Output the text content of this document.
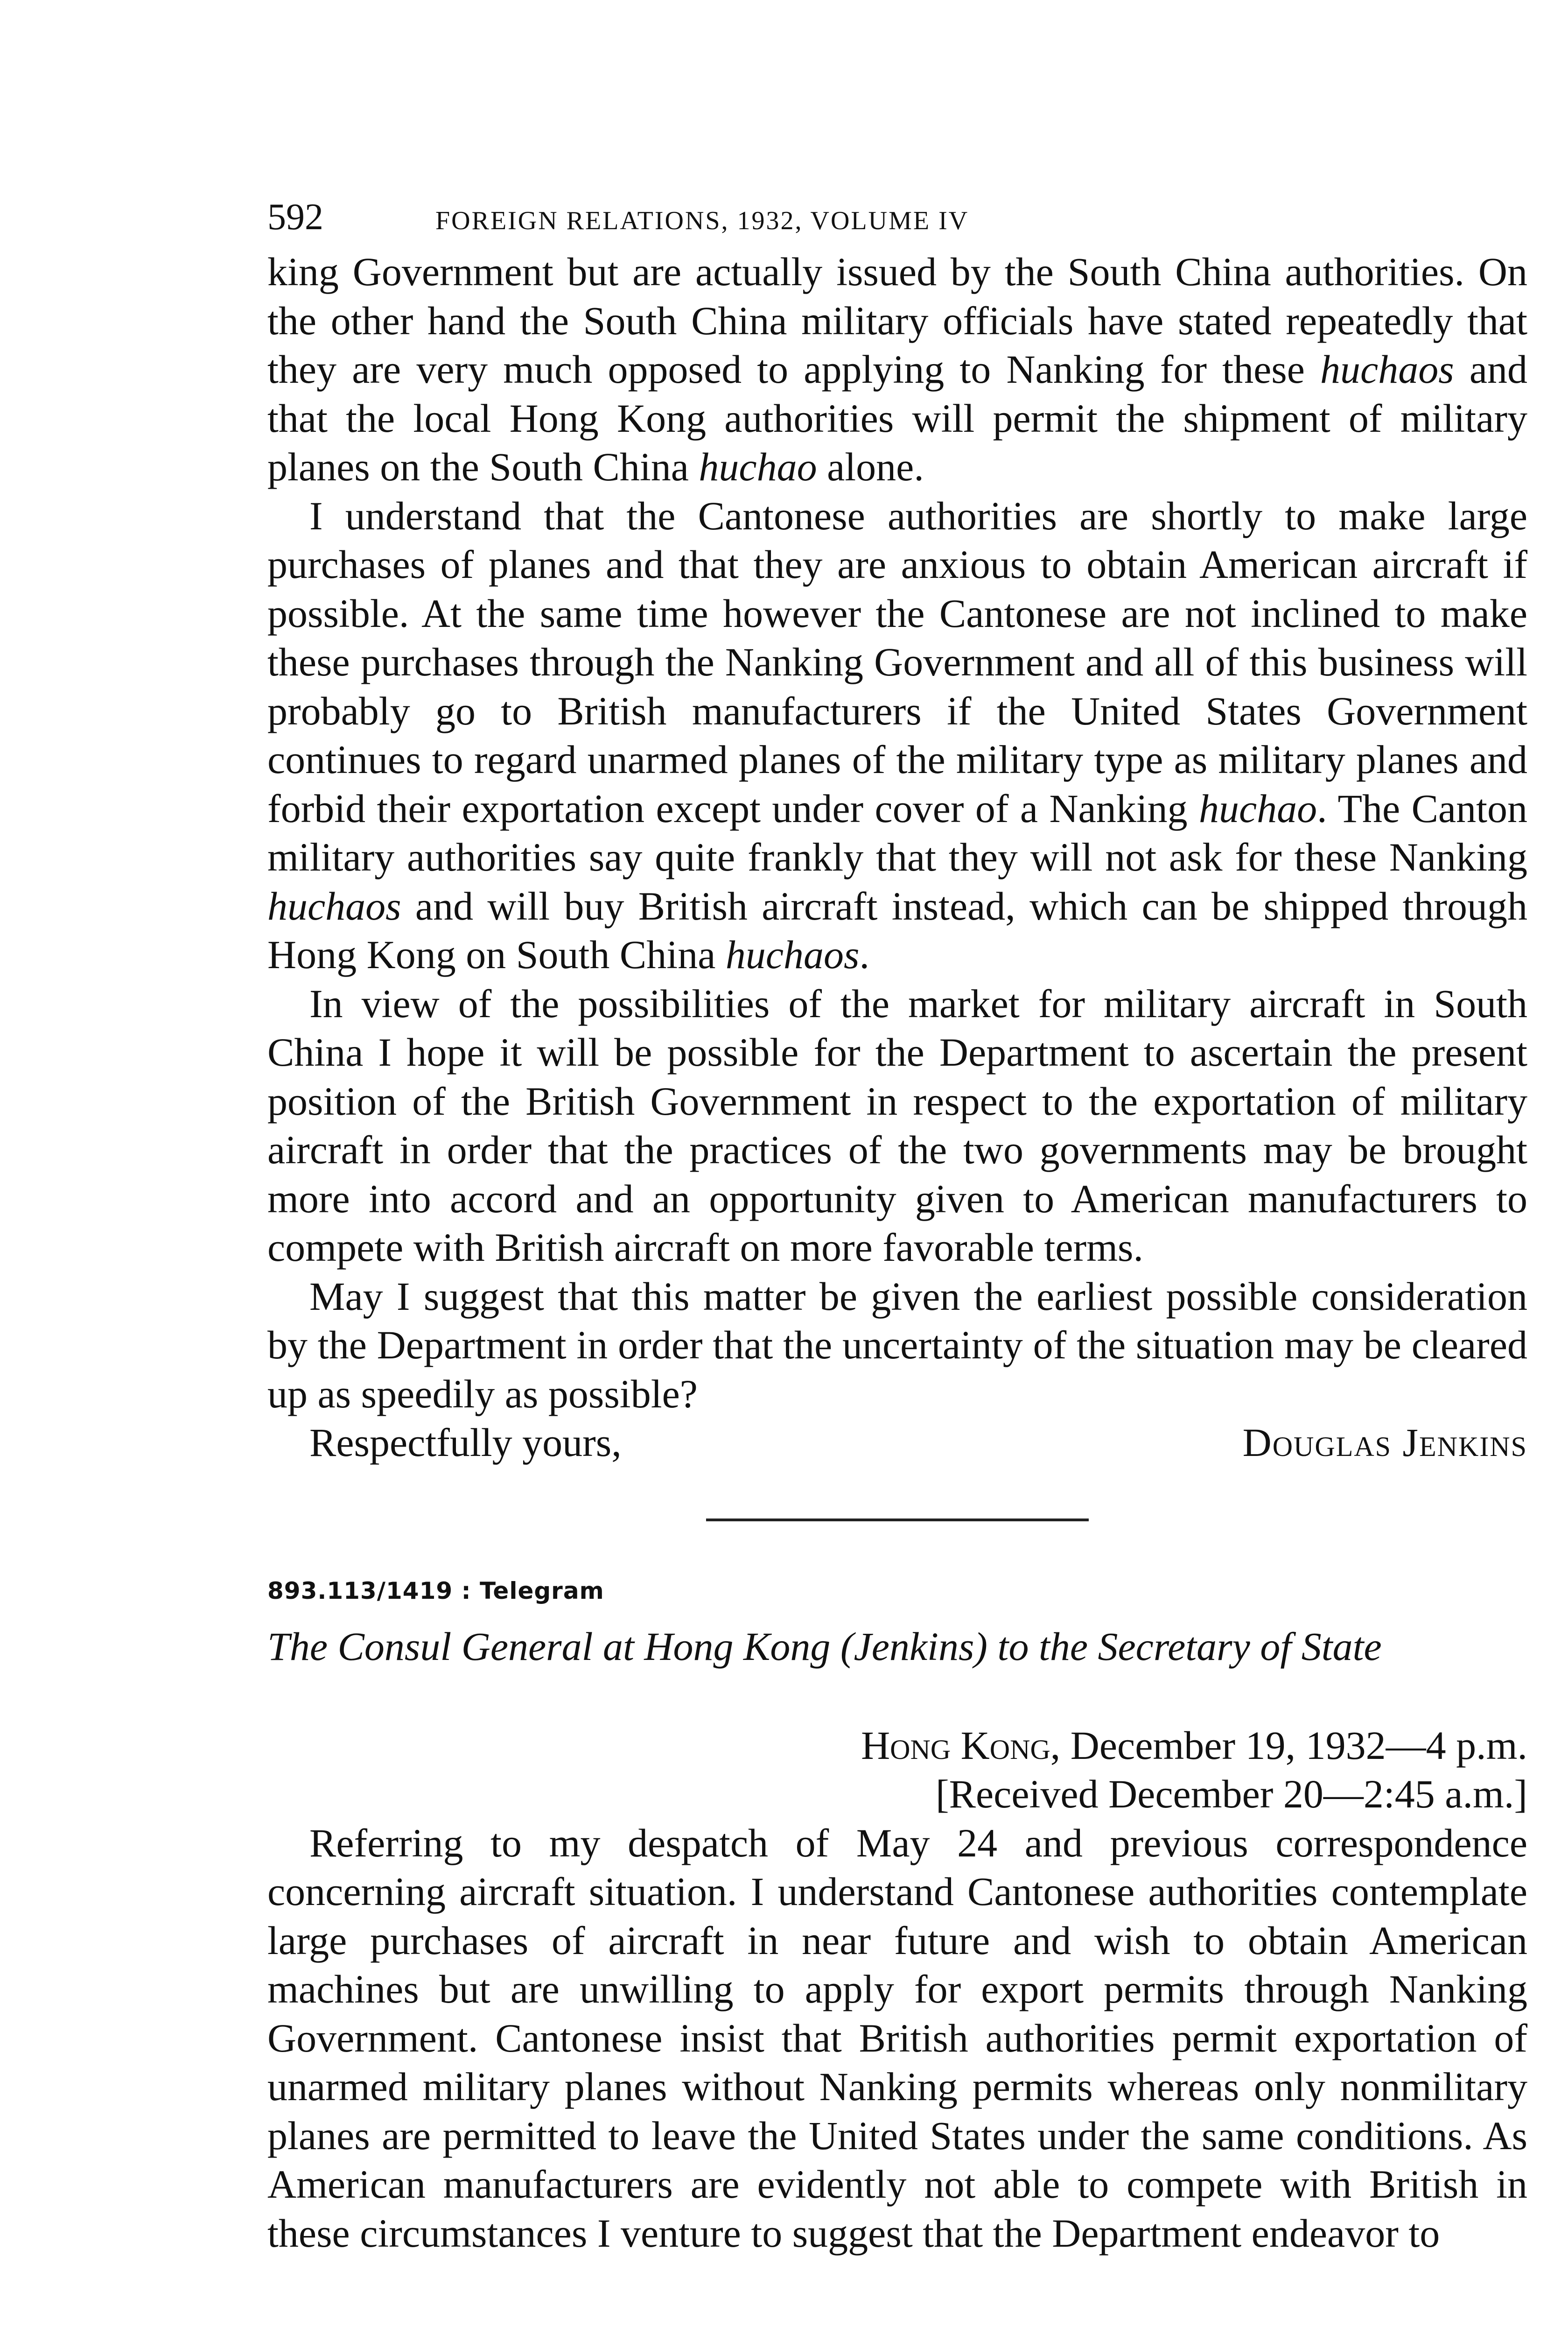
592	FOREIGN RELATIONS, 1932, VOLUME IV

king Government but are actually issued by the South China authorities. On the other hand the South China military officials have stated repeatedly that they are very much opposed to applying to Nanking for these huchaos and that the local Hong Kong authorities will permit the shipment of military planes on the South China huchao alone.

I understand that the Cantonese authorities are shortly to make large purchases of planes and that they are anxious to obtain American aircraft if possible. At the same time however the Cantonese are not inclined to make these purchases through the Nanking Government and all of this business will probably go to British manufacturers if the United States Government continues to regard unarmed planes of the military type as military planes and forbid their exportation except under cover of a Nanking huchao. The Canton military authorities say quite frankly that they will not ask for these Nanking huchaos and will buy British aircraft instead, which can be shipped through Hong Kong on South China huchaos.

In view of the possibilities of the market for military aircraft in South China I hope it will be possible for the Department to ascertain the present position of the British Government in respect to the exportation of military aircraft in order that the practices of the two governments may be brought more into accord and an opportunity given to American manufacturers to compete with British aircraft on more favorable terms.

May I suggest that this matter be given the earliest possible consideration by the Department in order that the uncertainty of the situation may be cleared up as speedily as possible?

Respectfully yours,	Douglas Jenkins
893.113/1419 : Telegram
The Consul General at Hong Kong (Jenkins) to the Secretary of State
Hong Kong, December 19, 1932—4 p.m.
[Received December 20—2:45 a.m.]

Referring to my despatch of May 24 and previous correspondence concerning aircraft situation. I understand Cantonese authorities contemplate large purchases of aircraft in near future and wish to obtain American machines but are unwilling to apply for export permits through Nanking Government. Cantonese insist that British authorities permit exportation of unarmed military planes without Nanking permits whereas only nonmilitary planes are permitted to leave the United States under the same conditions. As American manufacturers are evidently not able to compete with British in these circumstances I venture to suggest that the Department endeavor to
